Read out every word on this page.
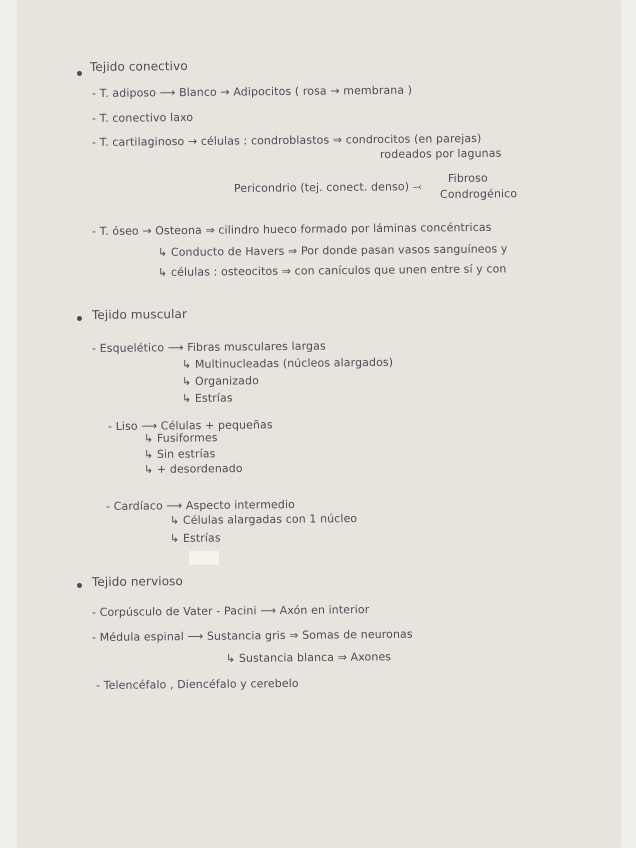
Tejido conectivo
- T. adiposo ⟶ Blanco → Adipocitos ( rosa → membrana )
- T. conectivo laxo
- T. cartilaginoso → células : condroblastos ⇒ condrocitos (en parejas)
rodeados por lagunas
Pericondrio (tej. conect. denso) ⤙
Fibroso
Condrogénico
- T. óseo → Osteona ⇒ cilindro hueco formado por láminas concéntricas
↳ Conducto de Havers ⇒ Por donde pasan vasos sanguíneos y
↳ células : osteocitos ⇒ con canículos que unen entre sí y con
Tejido muscular
- Esquelético ⟶ Fibras musculares largas
↳ Multinucleadas (núcleos alargados)
↳ Organizado
↳ Estrías
- Liso ⟶ Células + pequeñas
↳ Fusiformes
↳ Sin estrías
↳ + desordenado
- Cardíaco ⟶ Aspecto intermedio
↳ Células alargadas con 1 núcleo
↳ Estrías
Tejido nervioso
- Corpúsculo de Vater - Pacini ⟶ Axón en interior
- Médula espinal ⟶ Sustancia gris ⇒ Somas de neuronas
↳ Sustancia blanca ⇒ Axones
- Telencéfalo , Diencéfalo y cerebelo
